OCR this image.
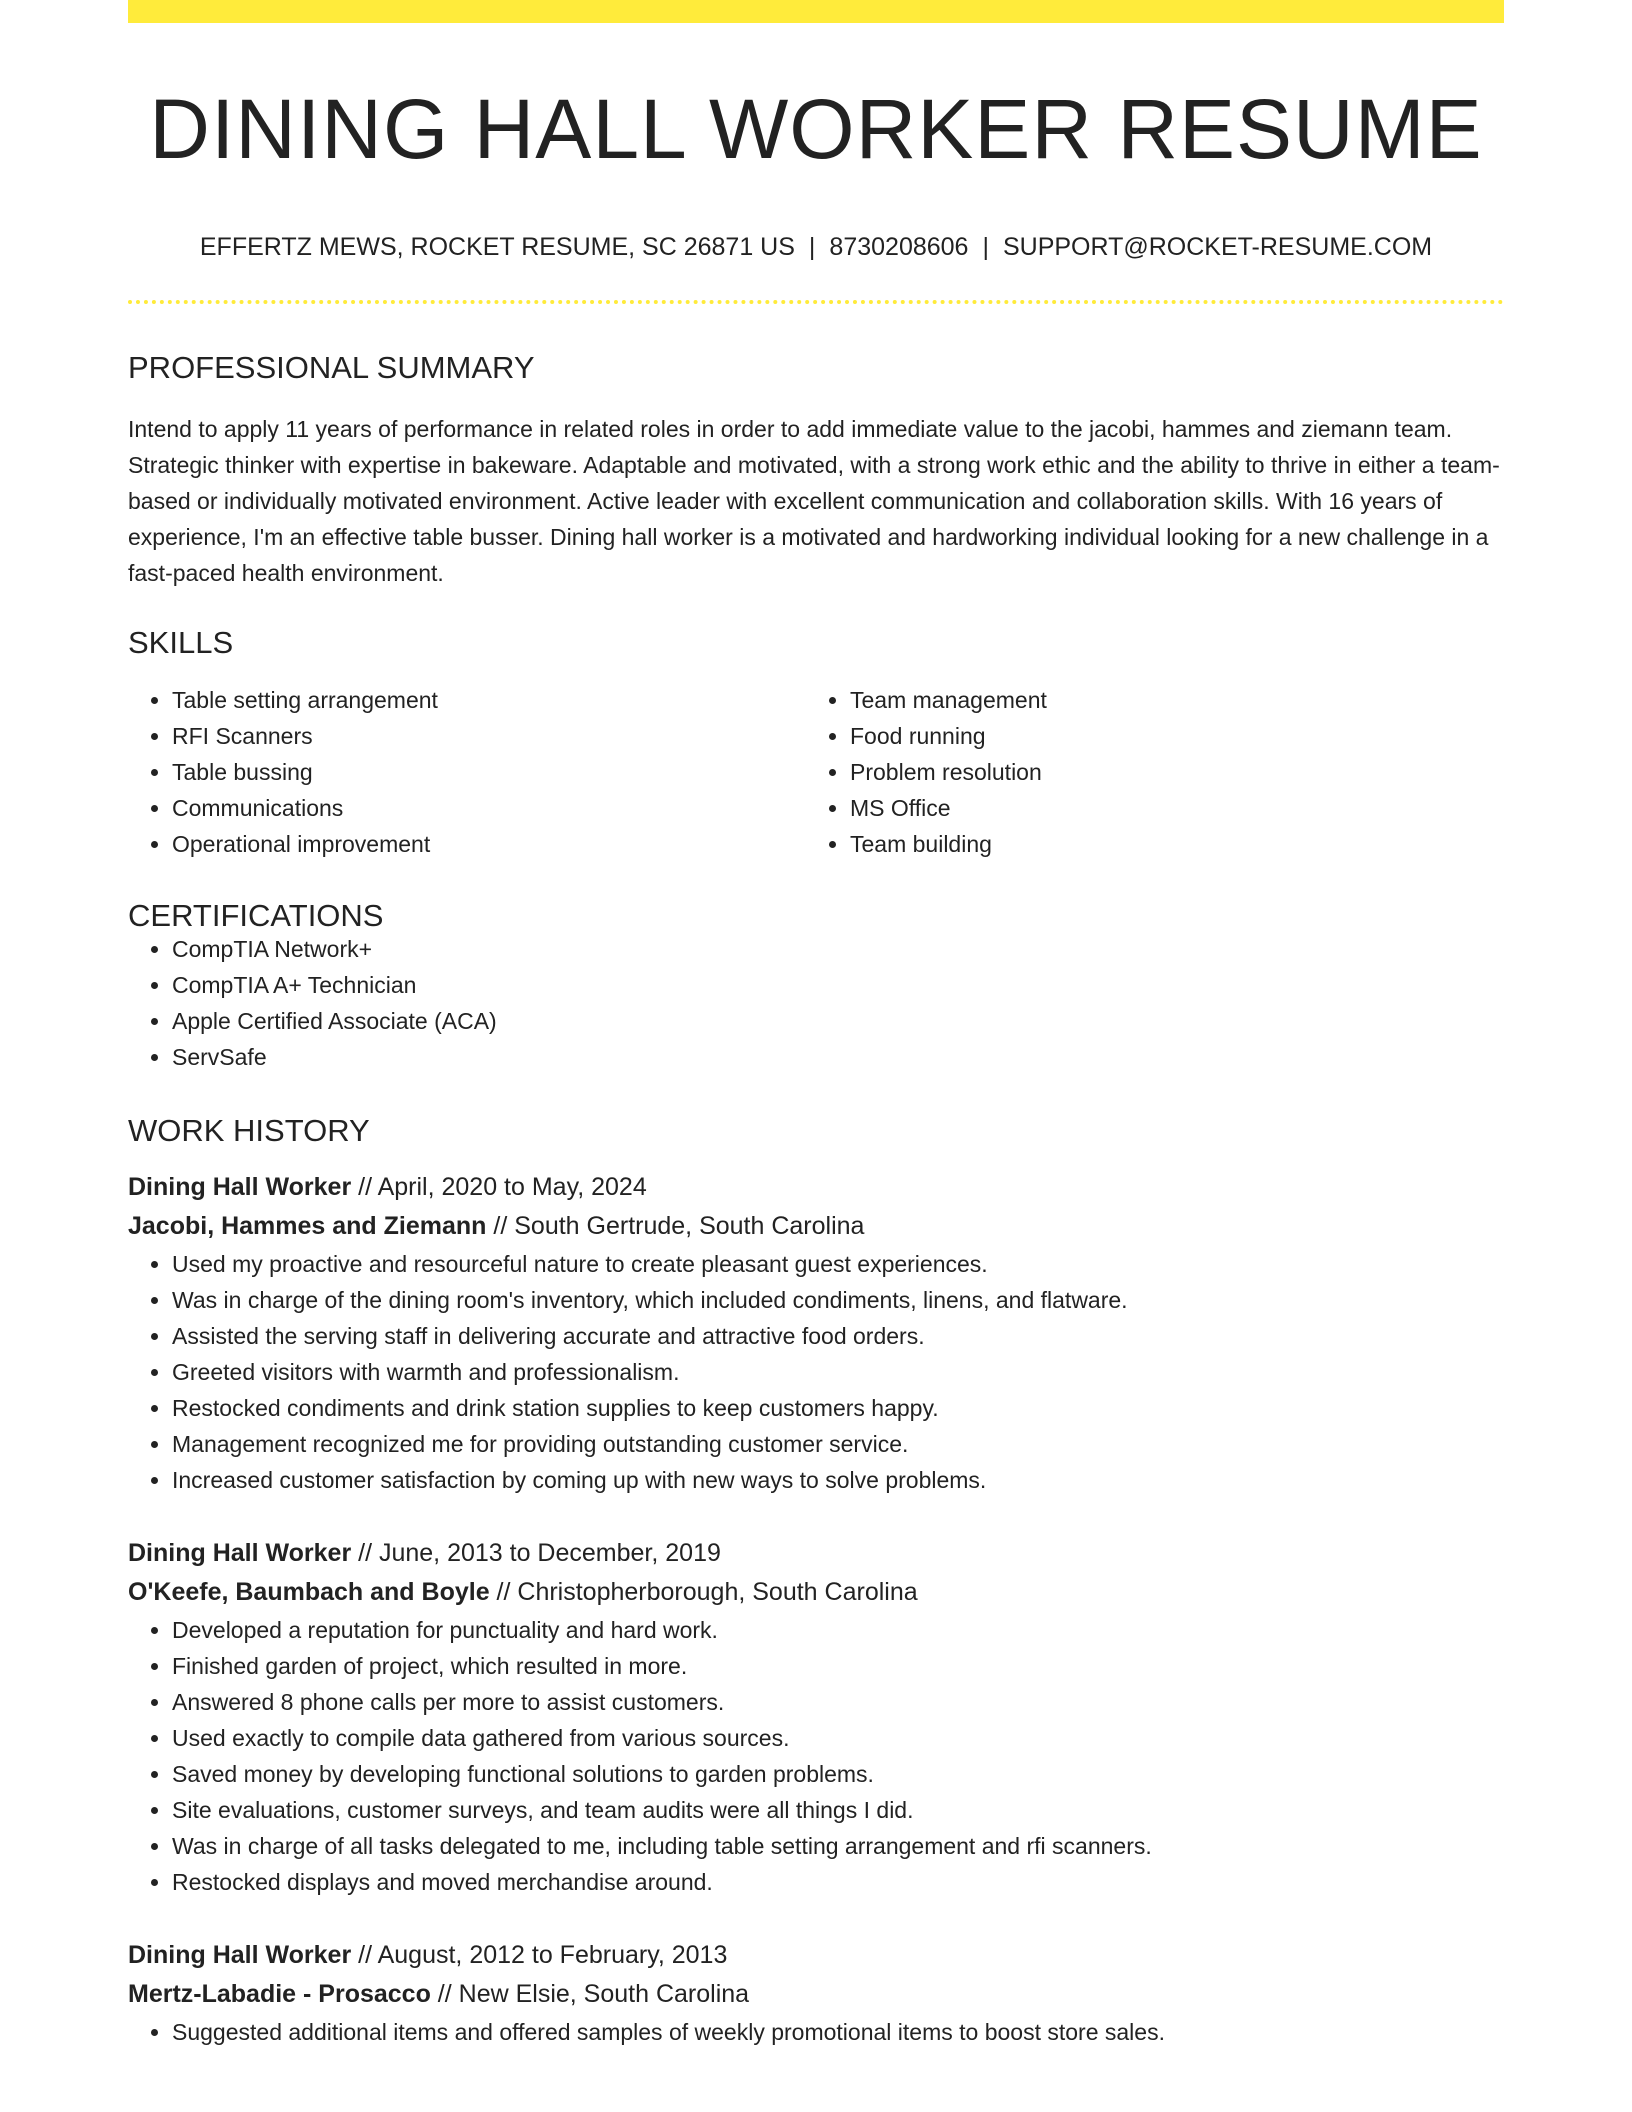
DINING HALL WORKER RESUME
EFFERTZ MEWS, ROCKET RESUME, SC 26871 US | 8730208606 | SUPPORT@ROCKET-RESUME.COM
PROFESSIONAL SUMMARY
Intend to apply 11 years of performance in related roles in order to add immediate value to the jacobi, hammes and ziemann team. Strategic thinker with expertise in bakeware. Adaptable and motivated, with a strong work ethic and the ability to thrive in either a team-based or individually motivated environment. Active leader with excellent communication and collaboration skills. With 16 years of experience, I'm an effective table busser. Dining hall worker is a motivated and hardworking individual looking for a new challenge in a fast-paced health environment.
SKILLS
• Table setting arrangement
• RFI Scanners
• Table bussing
• Communications
• Operational improvement
• Team management
• Food running
• Problem resolution
• MS Office
• Team building
CERTIFICATIONS
• CompTIA Network+
• CompTIA A+ Technician
• Apple Certified Associate (ACA)
• ServSafe
WORK HISTORY
Dining Hall Worker // April, 2020 to May, 2024
Jacobi, Hammes and Ziemann // South Gertrude, South Carolina
• Used my proactive and resourceful nature to create pleasant guest experiences.
• Was in charge of the dining room's inventory, which included condiments, linens, and flatware.
• Assisted the serving staff in delivering accurate and attractive food orders.
• Greeted visitors with warmth and professionalism.
• Restocked condiments and drink station supplies to keep customers happy.
• Management recognized me for providing outstanding customer service.
• Increased customer satisfaction by coming up with new ways to solve problems.
Dining Hall Worker // June, 2013 to December, 2019
O'Keefe, Baumbach and Boyle // Christopherborough, South Carolina
• Developed a reputation for punctuality and hard work.
• Finished garden of project, which resulted in more.
• Answered 8 phone calls per more to assist customers.
• Used exactly to compile data gathered from various sources.
• Saved money by developing functional solutions to garden problems.
• Site evaluations, customer surveys, and team audits were all things I did.
• Was in charge of all tasks delegated to me, including table setting arrangement and rfi scanners.
• Restocked displays and moved merchandise around.
Dining Hall Worker // August, 2012 to February, 2013
Mertz-Labadie - Prosacco // New Elsie, South Carolina
• Suggested additional items and offered samples of weekly promotional items to boost store sales.
